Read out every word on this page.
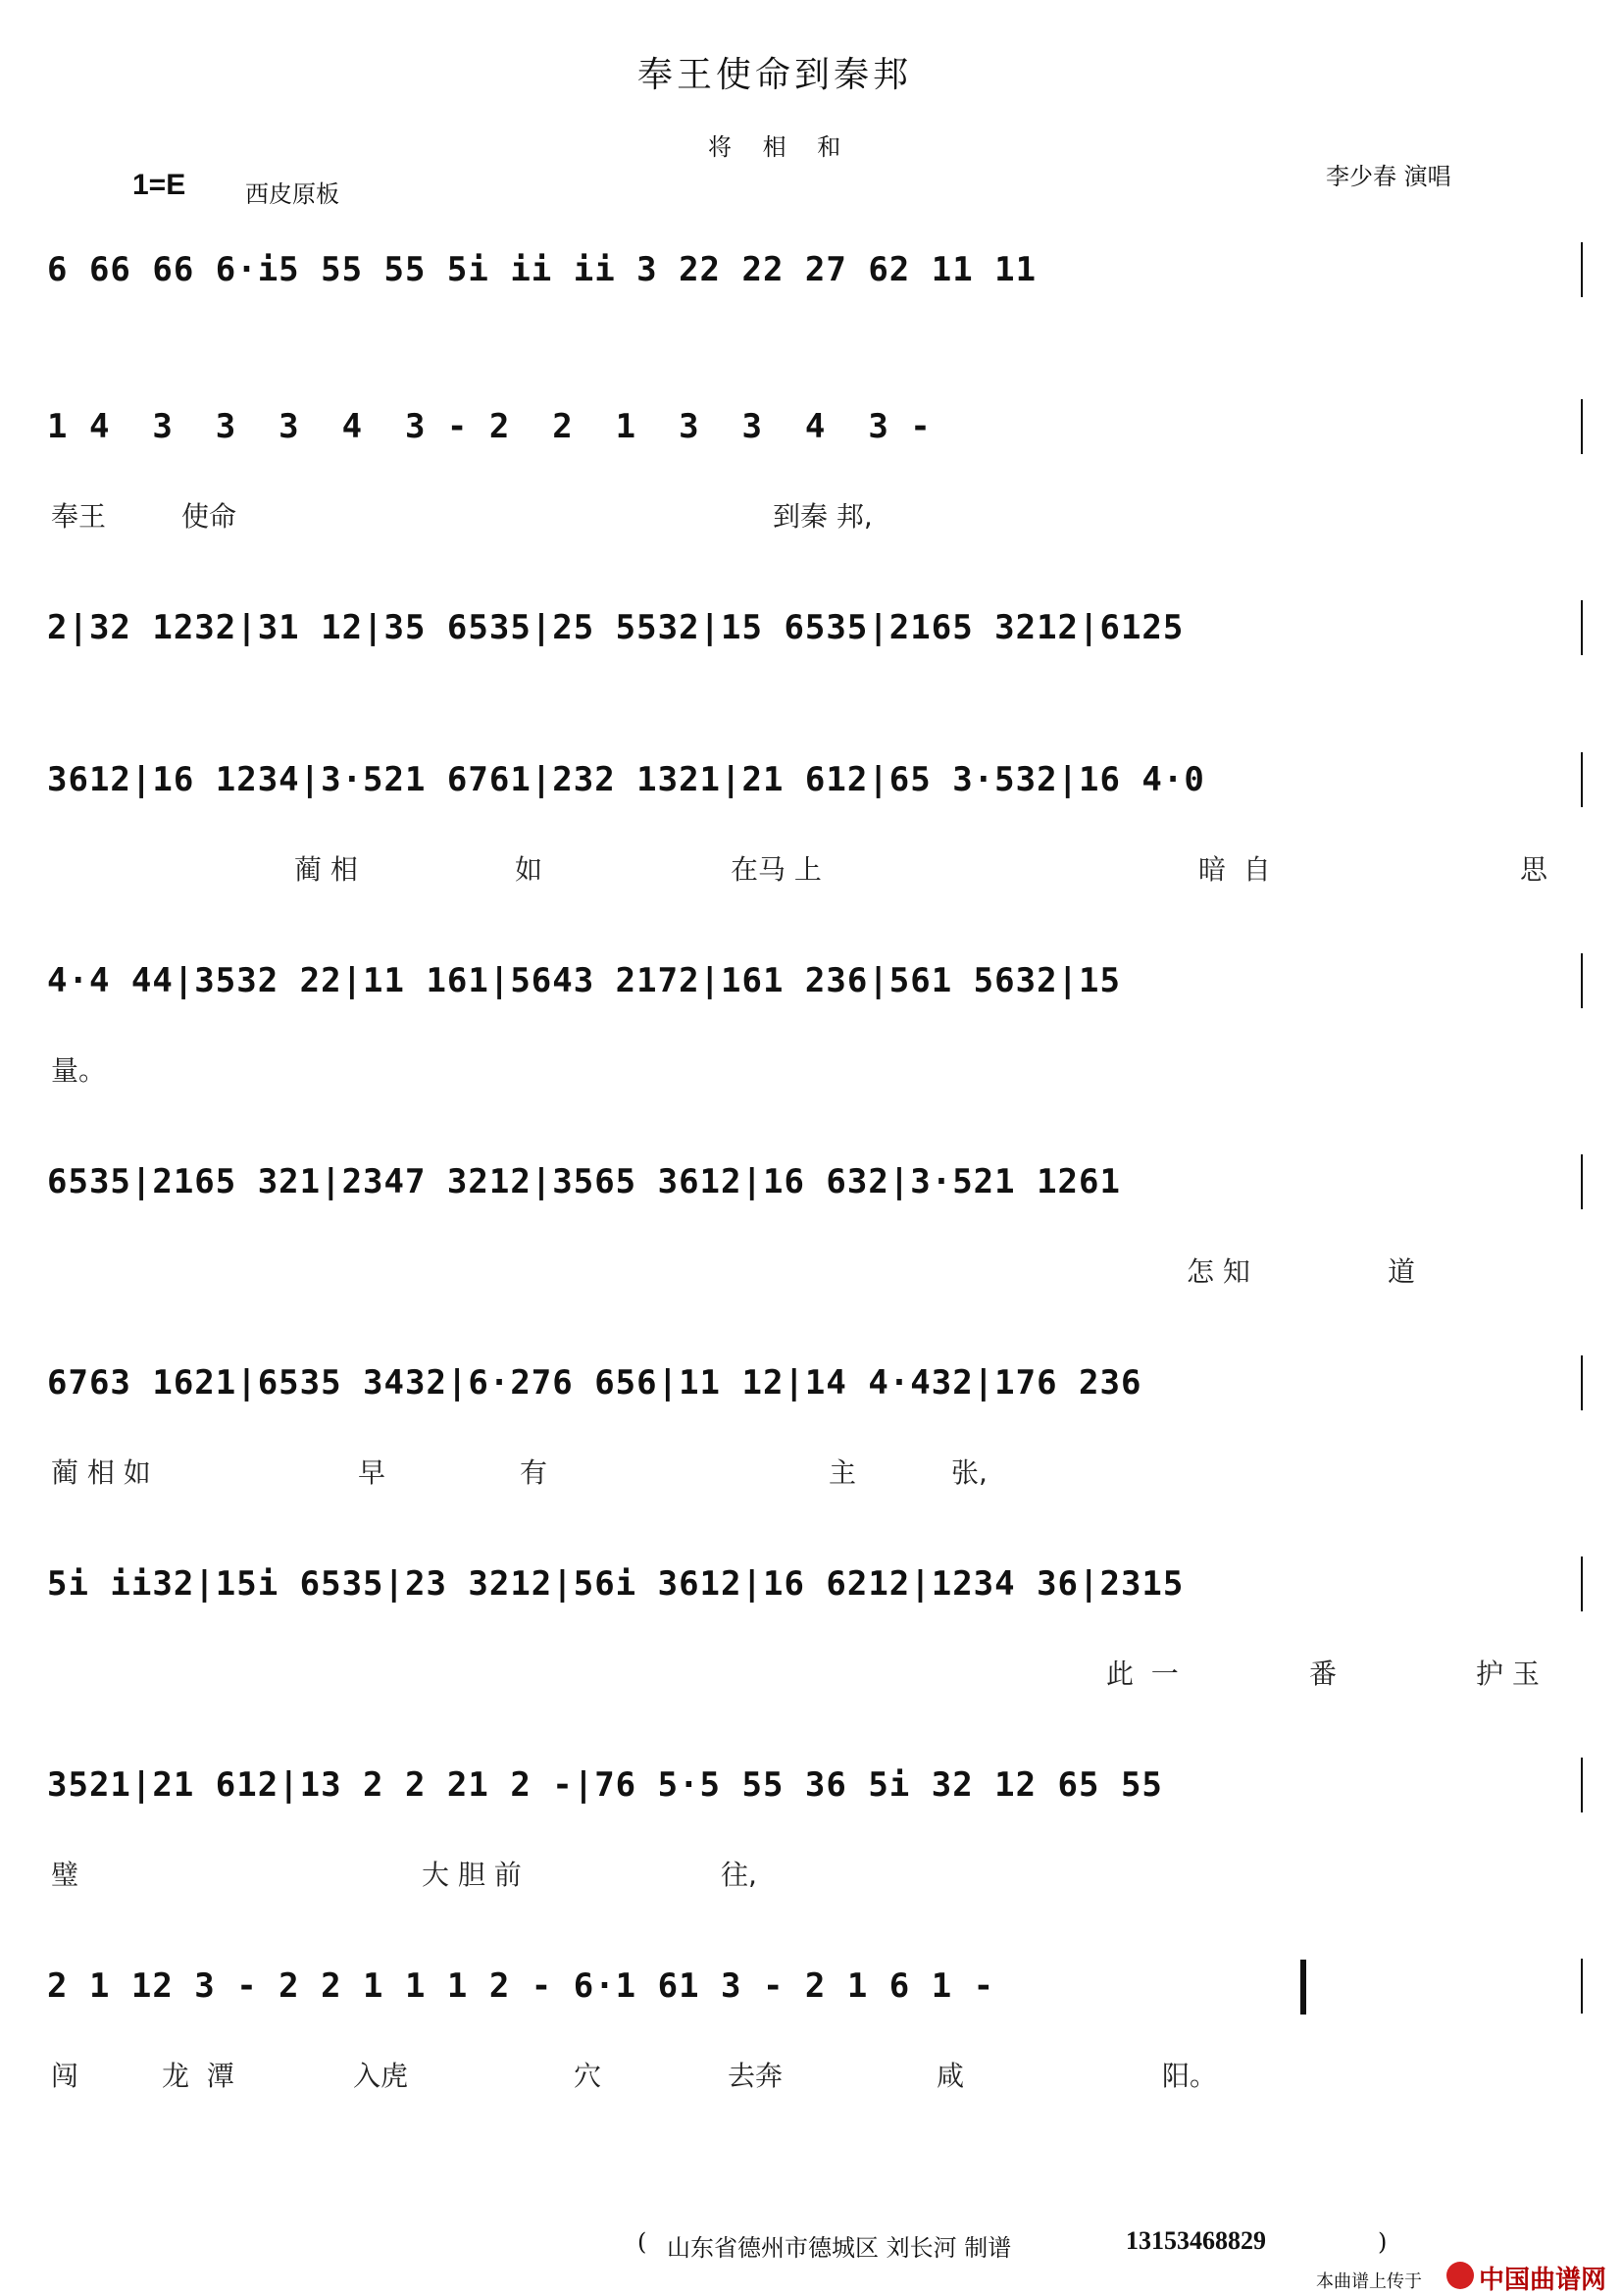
奉王使命到秦邦
将 相 和
1=E	西皮原板
李少春 演唱
6 66 66 6·i5 55 55 5i ii ii 3 22 22 27 62 11 11
1 4  3  3  3  4  3 - 2  2  1  3  3  4  3 -
奉王	使命	到秦 邦,
2|32 1232|31 12|35 6535|25 5532|15 6535|2165 3212|6125
3612|16 1234|3·521 6761|232 1321|21 612|65 3·532|16 4·0
蔺 相	如	在马 上	暗  自	思
4·4 44|3532 22|11 161|5643 2172|161 236|561 5632|15
量。
6535|2165 321|2347 3212|3565 3612|16 632|3·521 1261
怎 知	道
6763 1621|6535 3432|6·276 656|11 12|14 4·432|176 236
蔺 相 如	早	有	主	张,
5i ii32|15i 6535|23 3212|56i 3612|16 6212|1234 36|2315
此  一	番	护 玉
3521|21 612|13 2 2 21 2 -|76 5·5 55 36 5i 32 12 65 55
璧	大 胆 前	往,
2 1 12 3 - 2 2 1 1 1 2 - 6·1 61 3 - 2 1 6 1 -
闯	龙  潭	入虎	穴	去奔	咸	阳。
( 山东省德州市德城区 刘长河 制谱	13153468829	)
本曲谱上传于 中国曲谱网
